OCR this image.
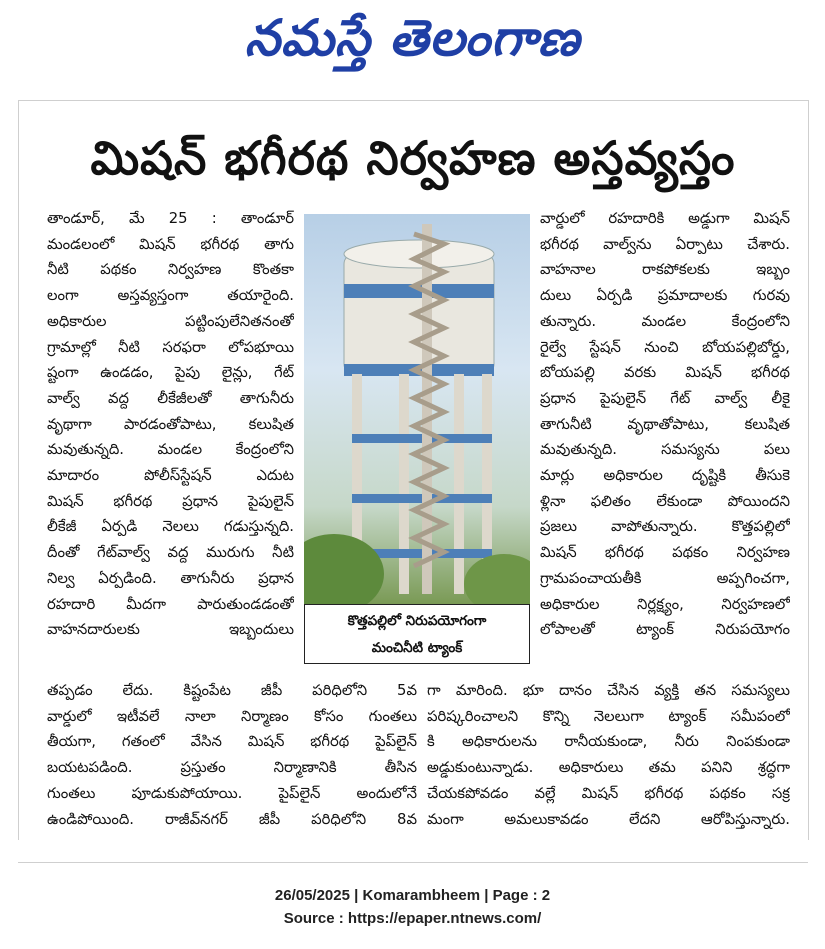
నమస్తే తెలంగాణ
మిషన్ భగీరథ నిర్వహణ అస్తవ్యస్తం

తాండూర్, మే 25 : తాండూర్

మండలంలో మిషన్ భగీరథ తాగు

నీటి పథకం నిర్వహణ కొంతకా

లంగా అస్తవ్యస్తంగా తయారైంది.

అధికారుల పట్టింపులేనితనంతో

గ్రామాల్లో నీటి సరఫరా లోపభూయి

ష్టంగా ఉండడం, పైపు లైన్లు, గేట్

వాల్వ్ వద్ద లీకేజీలతో తాగునీరు

వృథాగా పారడంతోపాటు, కలుషిత

మవుతున్నది. మండల కేంద్రంలోని

మాదారం పోలీస్‌స్టేషన్ ఎదుట

మిషన్ భగీరథ ప్రధాన పైపులైన్

లీకేజీ ఏర్పడి నెలలు గడుస్తున్నది.

దీంతో గేట్‌వాల్వ్ వద్ద మురుగు నీటి

నిల్వ ఏర్పడింది. తాగునీరు ప్రధాన

రహదారి మీదగా పారుతుండడంతో

వాహనదారులకు ఇబ్బందులు

కొత్తపల్లిలో నిరుపయోగంగా
మంచినీటి ట్యాంక్

వార్డులో రహదారికి అడ్డుగా మిషన్

భగీరథ వాల్వ్‌ను ఏర్పాటు చేశారు.

వాహనాల రాకపోకలకు ఇబ్బం

దులు ఏర్పడి ప్రమాదాలకు గురవు

తున్నారు. మండల కేంద్రంలోని

రైల్వే స్టేషన్ నుంచి బోయపల్లిబోర్డు,

బోయపల్లి వరకు మిషన్ భగీరథ

ప్రధాన పైపులైన్ గేట్ వాల్వ్ లీకై

తాగునీటి వృథాతోపాటు, కలుషిత

మవుతున్నది. సమస్యను పలు

మార్లు అధికారుల దృష్టికి తీసుకె

ళ్లినా ఫలితం లేకుండా పోయిందని

ప్రజలు వాపోతున్నారు. కొత్తపల్లిలో

మిషన్ భగీరథ పథకం నిర్వహణ

గ్రామపంచాయతీకి అప్పగించగా,

అధికారుల నిర్లక్ష్యం, నిర్వహణలో

లోపాలతో ట్యాంక్ నిరుపయోగం

తప్పడం లేదు. కిష్టంపేట జీపీ పరిధిలోని 5వ

వార్డులో ఇటీవలే నాలా నిర్మాణం కోసం గుంతలు

తీయగా, గతంలో వేసిన మిషన్ భగీరథ పైప్‌లైన్

బయటపడింది. ప్రస్తుతం నిర్మాణానికి తీసిన

గుంతలు పూడుకుపోయాయి. పైప్‌లైన్ అందులోనే

ఉండిపోయింది. రాజీవ్‌నగర్ జీపీ పరిధిలోని 8వ

గా మారింది. భూ దానం చేసిన వ్యక్తి తన సమస్యలు

పరిష్కరించాలని కొన్ని నెలలుగా ట్యాంక్ సమీపంలో

కి అధికారులను రానీయకుండా, నీరు నింపకుండా

అడ్డుకుంటున్నాడు. అధికారులు తమ పనిని శ్రద్ధగా

చేయకపోవడం వల్లే మిషన్ భగీరథ పథకం సక్ర

మంగా అమలుకావడం లేదని ఆరోపిస్తున్నారు.

26/05/2025 | Komarambheem | Page : 2
Source : https://epaper.ntnews.com/
